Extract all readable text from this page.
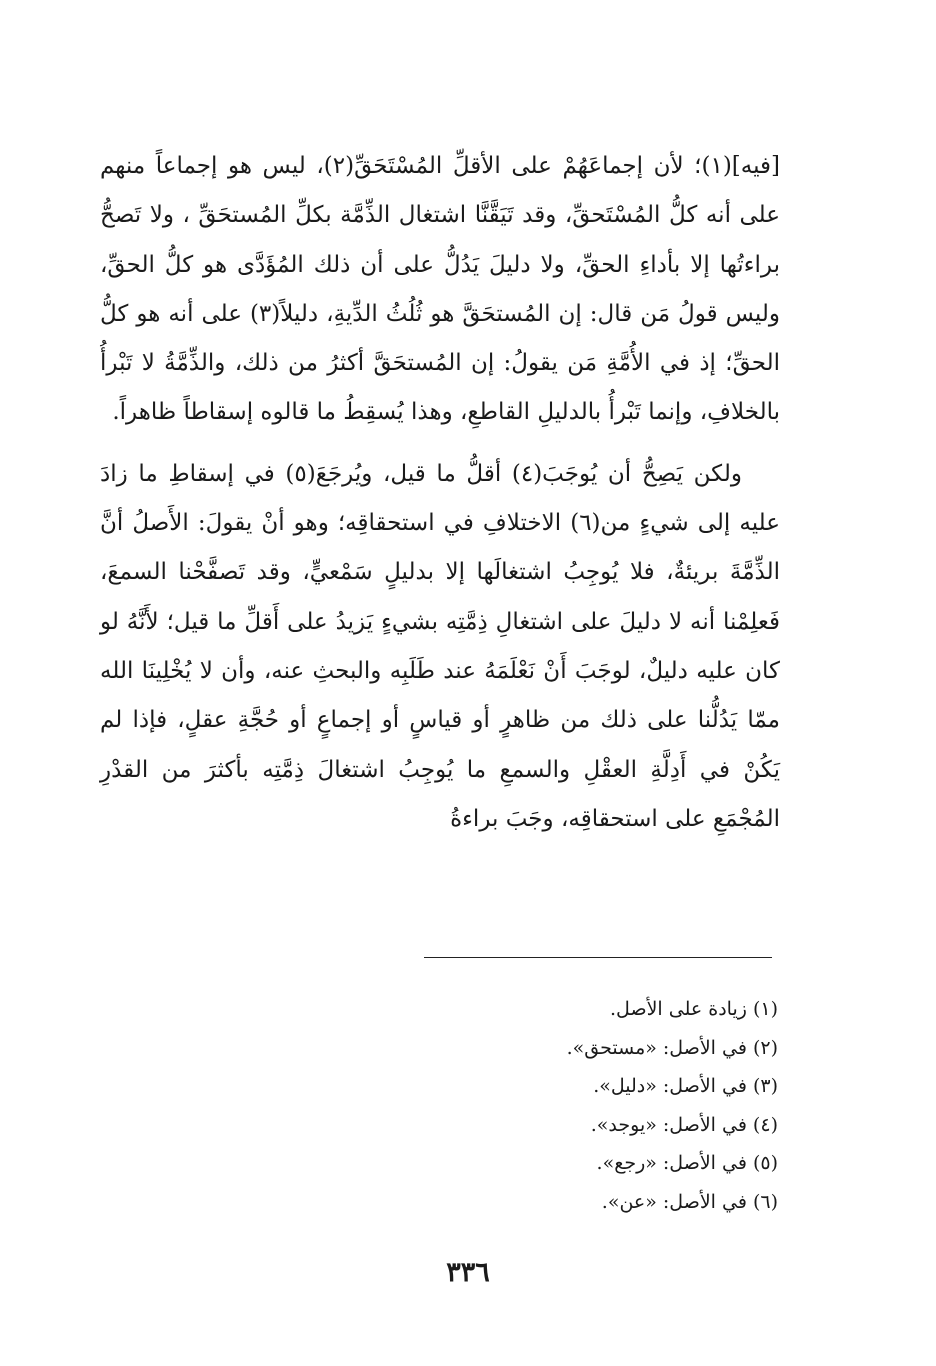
[فيه](١)؛ لأن إجماعَهُمْ على الأقلِّ المُسْتَحَقِّ(٢)، ليس هو إجماعاً منهم على أنه كلُّ المُسْتَحقِّ، وقد تَيَقَّنَّا اشتغال الذِّمَّة بكلِّ المُستحَقِّ ، ولا تَصحُّ براءتُها إلا بأداءِ الحقِّ، ولا دليلَ يَدُلُّ على أن ذلك المُؤَدَّى هو كلُّ الحقِّ، وليس قولُ مَن قال: إن المُستحَقَّ هو ثُلُثُ الدِّيةِ، دليلاً(٣) على أنه هو كلُّ الحقِّ؛ إذ في الأُمَّةِ مَن يقولُ: إن المُستحَقَّ أكثرُ من ذلك، والذِّمَّةُ لا تَبْرأُ بالخلافِ، وإنما تَبْرأُ بالدليلِ القاطعِ، وهذا يُسقِطُ ما قالوه إسقاطاً ظاهراً.

ولكن يَصِحُّ أن يُوجَبَ(٤) أقلُّ ما قيل، ويُرجَعَ(٥) في إسقاطِ ما زادَ عليه إلى شيءٍ من(٦) الاختلافِ في استحقاقِه؛ وهو أنْ يقولَ: الأَصلُ أنَّ الذِّمَّةَ بريئةٌ، فلا يُوجِبُ اشتغالَها إلا بدليلٍ سَمْعيٍّ، وقد تَصفَّحْنا السمعَ، فَعلِمْنا أنه لا دليلَ على اشتغالِ ذِمَّتِه بشيءٍ يَزيدُ على أَقلِّ ما قيل؛ لأَنَّهُ لو كان عليه دليلٌ، لوجَبَ أَنْ نَعْلَمَهُ عند طَلَبِه والبحثِ عنه، وأن لا يُخْلِينَا الله ممّا يَدُلُّنا على ذلك من ظاهرٍ أو قياسٍ أو إجماعٍ أو حُجَّةِ عقلٍ، فإذا لم يَكُنْ في أَدِلَّةِ العقْلِ والسمعِ ما يُوجِبُ اشتغالَ ذِمَّتِه بأكثرَ من القدْرِ المُجْمَعِ على استحقاقِه، وجَبَ براءةُ

(١) زيادة على الأصل.
(٢) في الأصل: «مستحق».
(٣) في الأصل: «دليل».
(٤) في الأصل: «يوجد».
(٥) في الأصل: «رجع».
(٦) في الأصل: «عن».
٣٣٦
